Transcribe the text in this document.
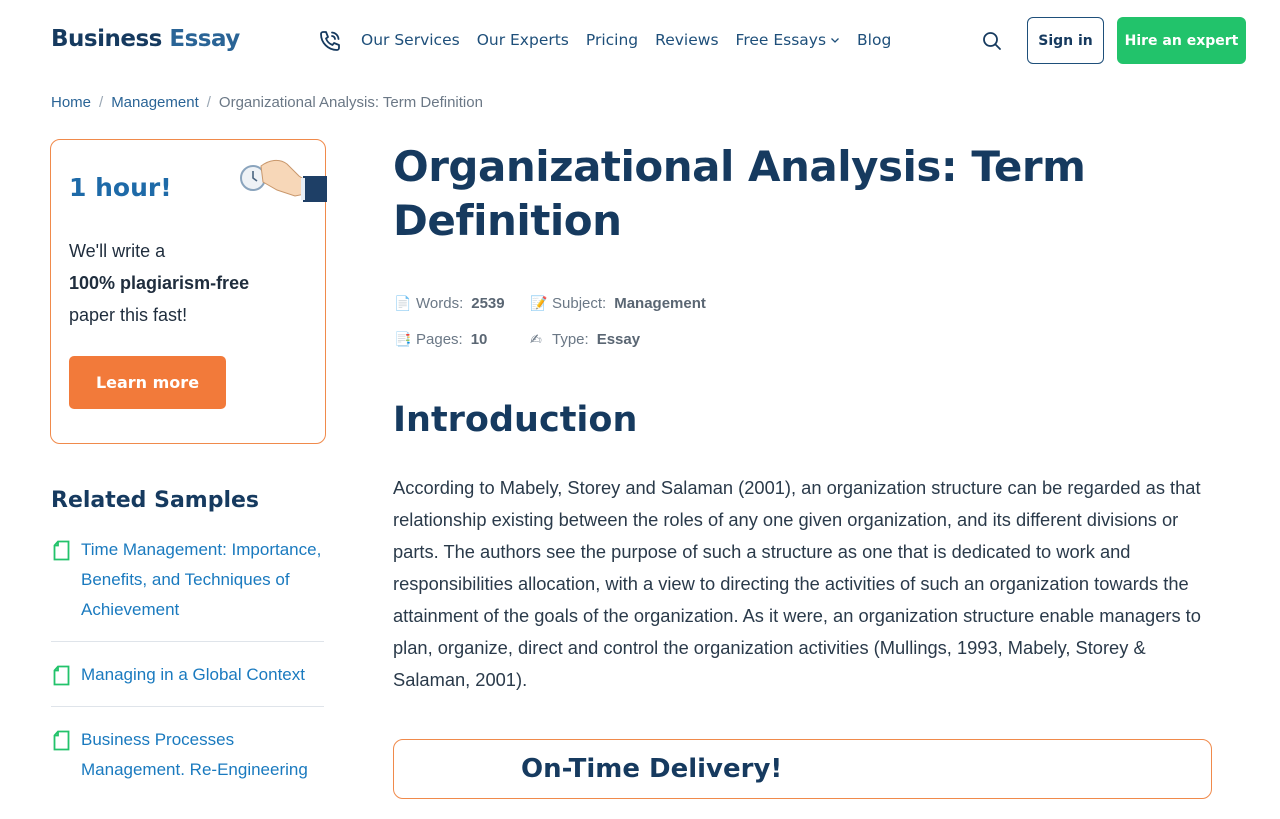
Business Essay	Our Services Our Experts Pricing Reviews Free Essays Blog	Sign in	Hire an expert
Home / Management / Organizational Analysis: Term Definition
1 hour!
We'll write a
100% plagiarism-free
paper this fast!
Learn more
Related Samples
Time Management: Importance, Benefits, and Techniques of Achievement
Managing in a Global Context
Business Processes Management. Re-Engineering
Organizational Analysis: Term Definition
📄 Words: 2539 📝 Subject: Management
📑 Pages: 10	✍ Type: Essay
Introduction

According to Mabely, Storey and Salaman (2001), an organization structure can be regarded as that relationship existing between the roles of any one given organization, and its different divisions or parts. The authors see the purpose of such a structure as one that is dedicated to work and responsibilities allocation, with a view to directing the activities of such an organization towards the attainment of the goals of the organization. As it were, an organization structure enable managers to plan, organize, direct and control the organization activities (Mullings, 1993, Mabely, Storey & Salaman, 2001).

On-Time Delivery!
